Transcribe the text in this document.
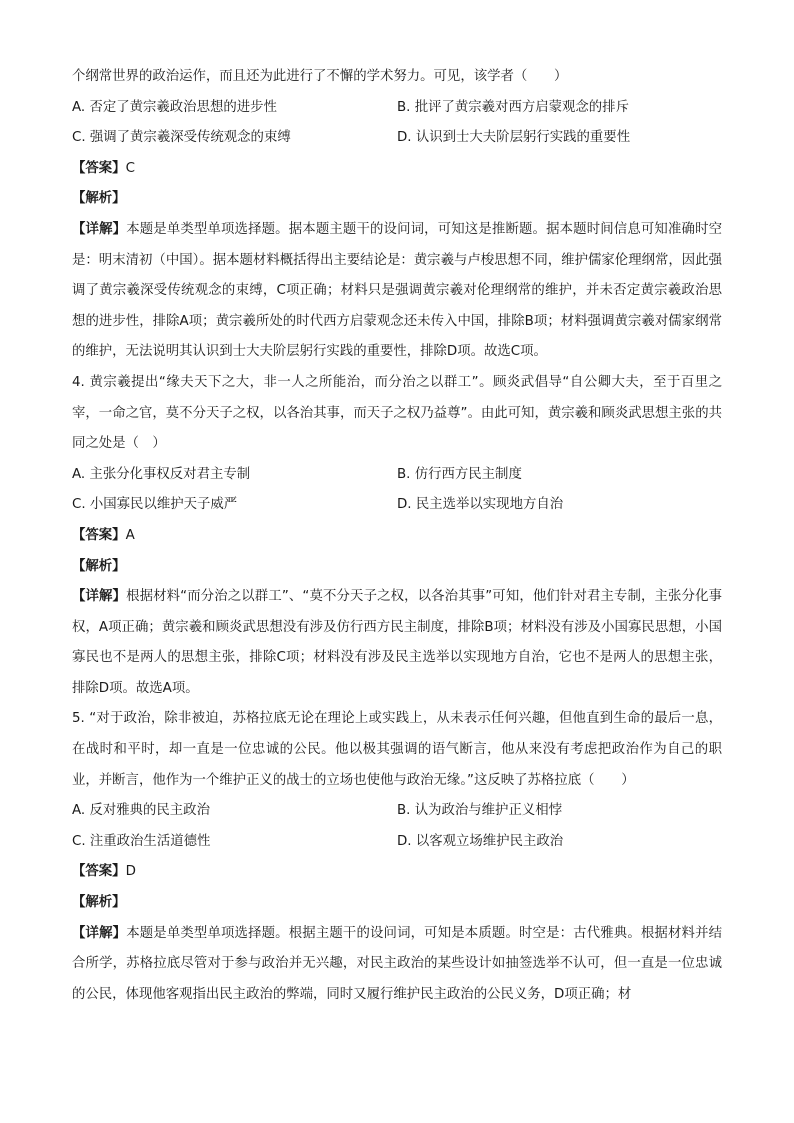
个纲常世界的政治运作，而且还为此进行了不懈的学术努力。可见，该学者（　　）
A. 否定了黄宗羲政治思想的进步性	B. 批评了黄宗羲对西方启蒙观念的排斥
C. 强调了黄宗羲深受传统观念的束缚	D. 认识到士大夫阶层躬行实践的重要性
【答案】C
【解析】
【详解】本题是单类型单项选择题。据本题主题干的设问词，可知这是推断题。据本题时间信息可知准确时空是：明末清初（中国）。据本题材料概括得出主要结论是：黄宗羲与卢梭思想不同，维护儒家伦理纲常，因此强调了黄宗羲深受传统观念的束缚，C项正确；材料只是强调黄宗羲对伦理纲常的维护，并未否定黄宗羲政治思想的进步性，排除A项；黄宗羲所处的时代西方启蒙观念还未传入中国，排除B项；材料强调黄宗羲对儒家纲常的维护，无法说明其认识到士大夫阶层躬行实践的重要性，排除D项。故选C项。
4. 黄宗羲提出“缘夫天下之大，非一人之所能治，而分治之以群工”。顾炎武倡导“自公卿大夫，至于百里之宰，一命之官，莫不分天子之权，以各治其事，而天子之权乃益尊”。由此可知，黄宗羲和顾炎武思想主张的共同之处是（　）
A. 主张分化事权反对君主专制	B. 仿行西方民主制度
C. 小国寡民以维护天子威严	D. 民主选举以实现地方自治
【答案】A
【解析】
【详解】根据材料“而分治之以群工”、“莫不分天子之权，以各治其事”可知，他们针对君主专制，主张分化事权，A项正确；黄宗羲和顾炎武思想没有涉及仿行西方民主制度，排除B项；材料没有涉及小国寡民思想，小国寡民也不是两人的思想主张，排除C项；材料没有涉及民主选举以实现地方自治，它也不是两人的思想主张，排除D项。故选A项。
5. “对于政治，除非被迫，苏格拉底无论在理论上或实践上，从未表示任何兴趣，但他直到生命的最后一息，在战时和平时，却一直是一位忠诚的公民。他以极其强调的语气断言，他从来没有考虑把政治作为自己的职业，并断言，他作为一个维护正义的战士的立场也使他与政治无缘。”这反映了苏格拉底（　　）
A. 反对雅典的民主政治	B. 认为政治与维护正义相悖
C. 注重政治生活道德性	D. 以客观立场维护民主政治
【答案】D
【解析】
【详解】本题是单类型单项选择题。根据主题干的设问词，可知是本质题。时空是：古代雅典。根据材料并结合所学，苏格拉底尽管对于参与政治并无兴趣，对民主政治的某些设计如抽签选举不认可，但一直是一位忠诚的公民，体现他客观指出民主政治的弊端，同时又履行维护民主政治的公民义务，D项正确；材
